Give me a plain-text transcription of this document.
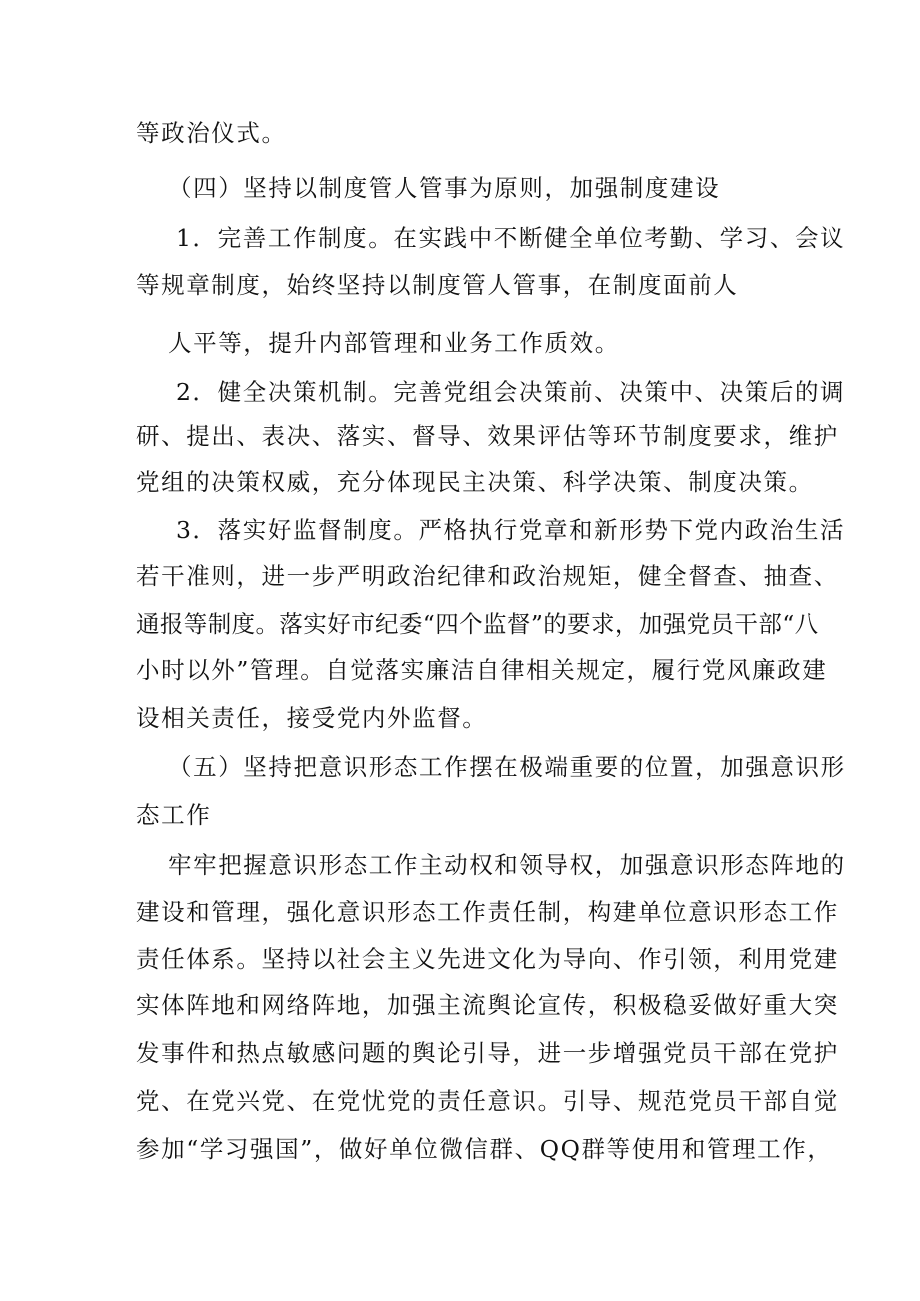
等政治仪式。
（四）坚持以制度管人管事为原则，加强制度建设
1．完善工作制度。在实践中不断健全单位考勤、学习、会议
等规章制度，始终坚持以制度管人管事，在制度面前人
人平等，提升内部管理和业务工作质效。
2．健全决策机制。完善党组会决策前、决策中、决策后的调
研、提出、表决、落实、督导、效果评估等环节制度要求，维护
党组的决策权威，充分体现民主决策、科学决策、制度决策。
3．落实好监督制度。严格执行党章和新形势下党内政治生活
若干准则，进一步严明政治纪律和政治规矩，健全督查、抽查、
通报等制度。落实好市纪委“四个监督”的要求，加强党员干部“八
小时以外”管理。自觉落实廉洁自律相关规定，履行党风廉政建
设相关责任，接受党内外监督。
（五）坚持把意识形态工作摆在极端重要的位置，加强意识形
态工作
牢牢把握意识形态工作主动权和领导权，加强意识形态阵地的
建设和管理，强化意识形态工作责任制，构建单位意识形态工作
责任体系。坚持以社会主义先进文化为导向、作引领，利用党建
实体阵地和网络阵地，加强主流舆论宣传，积极稳妥做好重大突
发事件和热点敏感问题的舆论引导，进一步增强党员干部在党护
党、在党兴党、在党忧党的责任意识。引导、规范党员干部自觉
参加“学习强国”，做好单位微信群、QQ群等使用和管理工作，
